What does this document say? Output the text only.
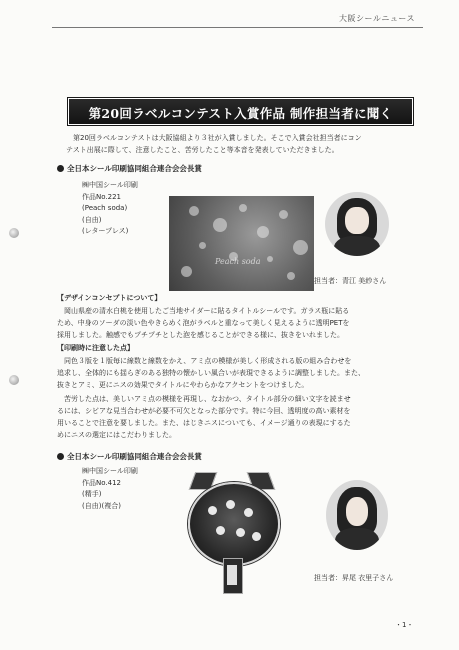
大阪シールニュース
第20回ラベルコンテスト入賞作品 制作担当者に聞く
第20回ラベルコンテストは大阪協組より３社が入賞しました。そこで入賞会社担当者にコン
テスト出展に際して、注意したこと、苦労したこと等本音を発表していただきました。
全日本シール印刷協同組合連合会会長賞
㈱中国シール印刷
作品No.221
(Peach soda)
(自由)
(レタープレス)
Peach soda
担当者：青江 美紗さん
【デザインコンセプトについて】
岡山県産の清水白桃を使用したご当地サイダーに貼るタイトルシールです。ガラス瓶に貼る
ため、中身のソーダの淡い色やきらめく泡がラベルと重なって美しく見えるように透明PETを
採用しました。触感でもプチプチとした泡を感じることができる様に、抜きをいれました。
【印刷時に注意した点】
同色３版を１版毎に線数と線数をかえ、アミ点の模様が美しく形成される版の組み合わせを
追求し、全体的にも揺らぎのある独特の懐かしい風合いが表現できるように調整しました。また、
抜きとアミ、更にニスの効果でタイトルにやわらかなアクセントをつけました。
苦労した点は、美しいアミ点の模様を再現し、なおかつ、タイトル部分の細い文字を読ませ
るには、シビアな見当合わせが必要不可欠となった部分です。特に今回、透明度の高い素材を
用いることで注意を要しました。また、はじきニスについても、イメージ通りの表現にするた
めにニスの選定にはこだわりました。
全日本シール印刷協同組合連合会会長賞
㈱中国シール印刷
作品No.412
(精手)
(自由)(複合)
担当者：昇尾 衣里子さん
・1・
